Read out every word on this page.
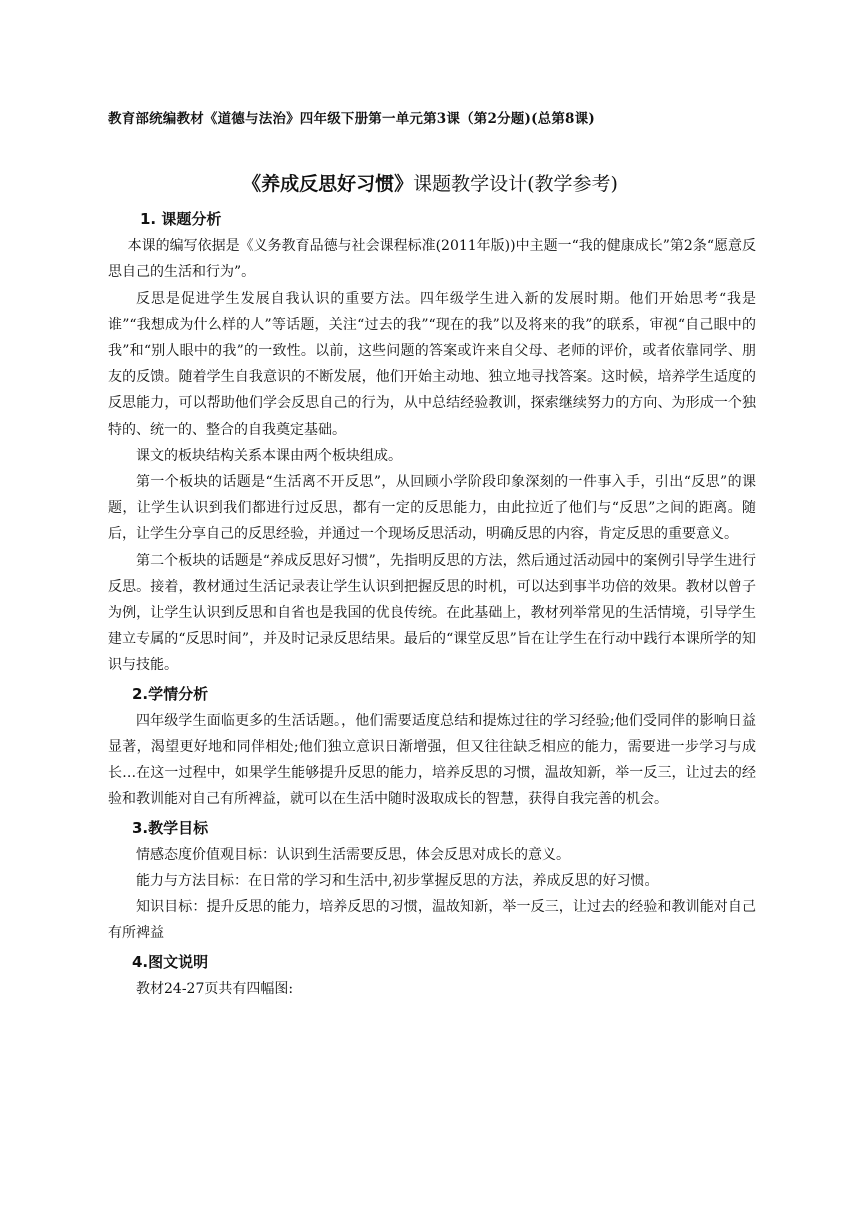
教育部统编教材《道德与法治》四年级下册第一单元第3课（第2分题)(总第8课)
《养成反思好习惯》课题教学设计(教学参考)
1. 课题分析

本课的编写依据是《义务教育品德与社会课程标准(2011年版))中主题一“我的健康成长”第2条“愿意反思自己的生活和行为”。

反思是促进学生发展自我认识的重要方法。四年级学生进入新的发展时期。他们开始思考“我是谁”“我想成为什么样的人”等话题，关注“过去的我”“现在的我”以及将来的我”的联系，审视“自己眼中的我”和“别人眼中的我”的一致性。以前，这些问题的答案或许来自父母、老师的评价，或者依靠同学、朋友的反馈。随着学生自我意识的不断发展，他们开始主动地、独立地寻找答案。这时候，培养学生适度的反思能力，可以帮助他们学会反思自己的行为，从中总结经验教训，探索继续努力的方向、为形成一个独特的、统一的、整合的自我奠定基础。

课文的板块结构关系本课由两个板块组成。

第一个板块的话题是“生活离不开反思”，从回顾小学阶段印象深刻的一件事入手，引出“反思”的课题，让学生认识到我们都进行过反思，都有一定的反思能力，由此拉近了他们与“反思”之间的距离。随后，让学生分享自己的反思经验，并通过一个现场反思活动，明确反思的内容，肯定反思的重要意义。

第二个板块的话题是“养成反思好习惯”，先指明反思的方法，然后通过活动园中的案例引导学生进行反思。接着，教材通过生活记录表让学生认识到把握反思的时机，可以达到事半功倍的效果。教材以曾子为例，让学生认识到反思和自省也是我国的优良传统。在此基础上，教材列举常见的生活情境，引导学生建立专属的“反思时间”，并及时记录反思结果。最后的“课堂反思”旨在让学生在行动中践行本课所学的知识与技能。

2.学情分析

四年级学生面临更多的生活话题。，他们需要适度总结和提炼过往的学习经验;他们受同伴的影响日益显著，渴望更好地和同伴相处;他们独立意识日渐增强，但又往往缺乏相应的能力，需要进一步学习与成长…在这一过程中，如果学生能够提升反思的能力，培养反思的习惯，温故知新，举一反三，让过去的经验和教训能对自己有所裨益，就可以在生活中随时汲取成长的智慧，获得自我完善的机会。

3.教学目标

情感态度价值观目标：认识到生活需要反思，体会反思对成长的意义。

能力与方法目标：在日常的学习和生活中,初步掌握反思的方法，养成反思的好习惯。

知识目标：提升反思的能力，培养反思的习惯，温故知新，举一反三，让过去的经验和教训能对自己有所裨益

4.图文说明

教材24-27页共有四幅图:
